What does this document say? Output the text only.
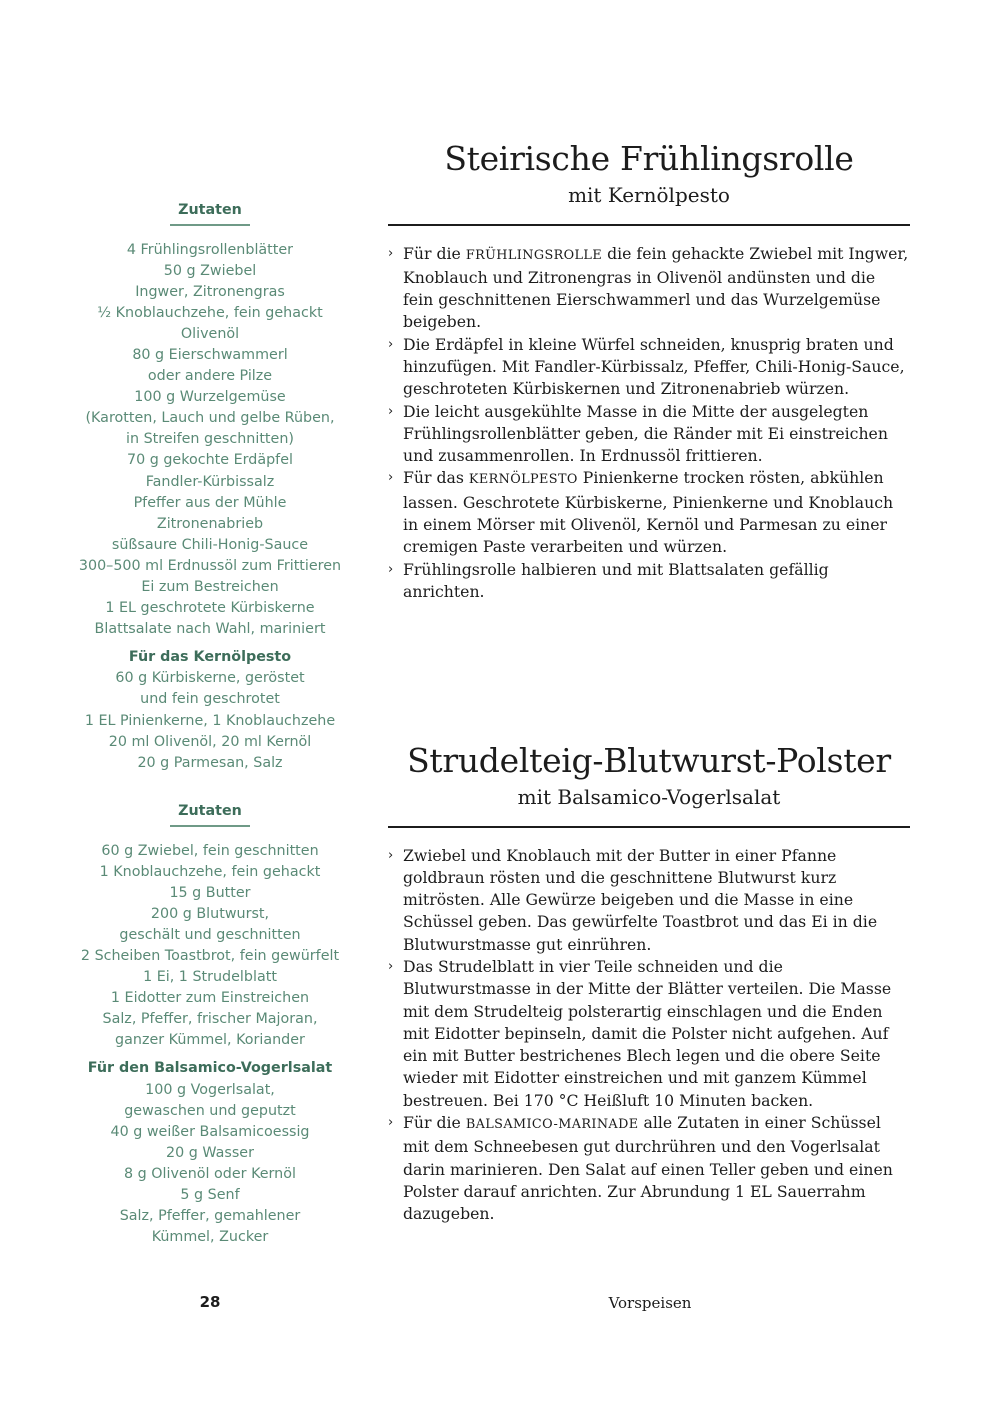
Zutaten
4 Frühlingsrollenblätter
50 g Zwiebel
Ingwer, Zitronengras
½ Knoblauchzehe, fein gehackt
Olivenöl
80 g Eierschwammerl
oder andere Pilze
100 g Wurzelgemüse
(Karotten, Lauch und gelbe Rüben,
in Streifen geschnitten)
70 g gekochte Erdäpfel
Fandler-Kürbissalz
Pfeffer aus der Mühle
Zitronenabrieb
süßsaure Chili-Honig-Sauce
300–500 ml Erdnussöl zum Frittieren
Ei zum Bestreichen
1 EL geschrotete Kürbiskerne
Blattsalate nach Wahl, mariniert
Für das Kernölpesto
60 g Kürbiskerne, geröstet
und fein geschrotet
1 EL Pinienkerne, 1 Knoblauchzehe
20 ml Olivenöl, 20 ml Kernöl
20 g Parmesan, Salz
Steirische Frühlingsrolle
mit Kernölpesto
› Für die FRÜHLINGSROLLE die fein gehackte Zwiebel mit Ingwer, Knoblauch und Zitronengras in Olivenöl andünsten und die fein geschnittenen Eierschwammerl und das Wurzelgemüse beigeben.
› Die Erdäpfel in kleine Würfel schneiden, knusprig braten und hinzufügen. Mit Fandler-Kürbissalz, Pfeffer, Chili-Honig-Sauce, geschroteten Kürbiskernen und Zitronenabrieb würzen.
› Die leicht ausgekühlte Masse in die Mitte der ausgelegten Frühlingsrollenblätter geben, die Ränder mit Ei einstreichen und zusammenrollen. In Erdnussöl frittieren.
› Für das KERNÖLPESTO Pinienkerne trocken rösten, abkühlen lassen. Geschrotete Kürbiskerne, Pinienkerne und Knoblauch in einem Mörser mit Olivenöl, Kernöl und Parmesan zu einer cremigen Paste verarbeiten und würzen.
› Frühlingsrolle halbieren und mit Blattsalaten gefällig anrichten.
Zutaten
60 g Zwiebel, fein geschnitten
1 Knoblauchzehe, fein gehackt
15 g Butter
200 g Blutwurst,
geschält und geschnitten
2 Scheiben Toastbrot, fein gewürfelt
1 Ei, 1 Strudelblatt
1 Eidotter zum Einstreichen
Salz, Pfeffer, frischer Majoran,
ganzer Kümmel, Koriander
Für den Balsamico-Vogerlsalat
100 g Vogerlsalat,
gewaschen und geputzt
40 g weißer Balsamicoessig
20 g Wasser
8 g Olivenöl oder Kernöl
5 g Senf
Salz, Pfeffer, gemahlener
Kümmel, Zucker
Strudelteig-Blutwurst-Polster
mit Balsamico-Vogerlsalat
› Zwiebel und Knoblauch mit der Butter in einer Pfanne goldbraun rösten und die geschnittene Blutwurst kurz mitrösten. Alle Gewürze beigeben und die Masse in eine Schüssel geben. Das gewürfelte Toastbrot und das Ei in die Blutwurstmasse gut einrühren.
› Das Strudelblatt in vier Teile schneiden und die Blutwurstmasse in der Mitte der Blätter verteilen. Die Masse mit dem Strudelteig polsterartig einschlagen und die Enden mit Eidotter bepinseln, damit die Polster nicht aufgehen. Auf ein mit Butter bestrichenes Blech legen und die obere Seite wieder mit Eidotter einstreichen und mit ganzem Kümmel bestreuen. Bei 170 °C Heißluft 10 Minuten backen.
› Für die BALSAMICO-MARINADE alle Zutaten in einer Schüssel mit dem Schneebesen gut durchrühren und den Vogerlsalat darin marinieren. Den Salat auf einen Teller geben und einen Polster darauf anrichten. Zur Abrundung 1 EL Sauerrahm dazugeben.
28	Vorspeisen
